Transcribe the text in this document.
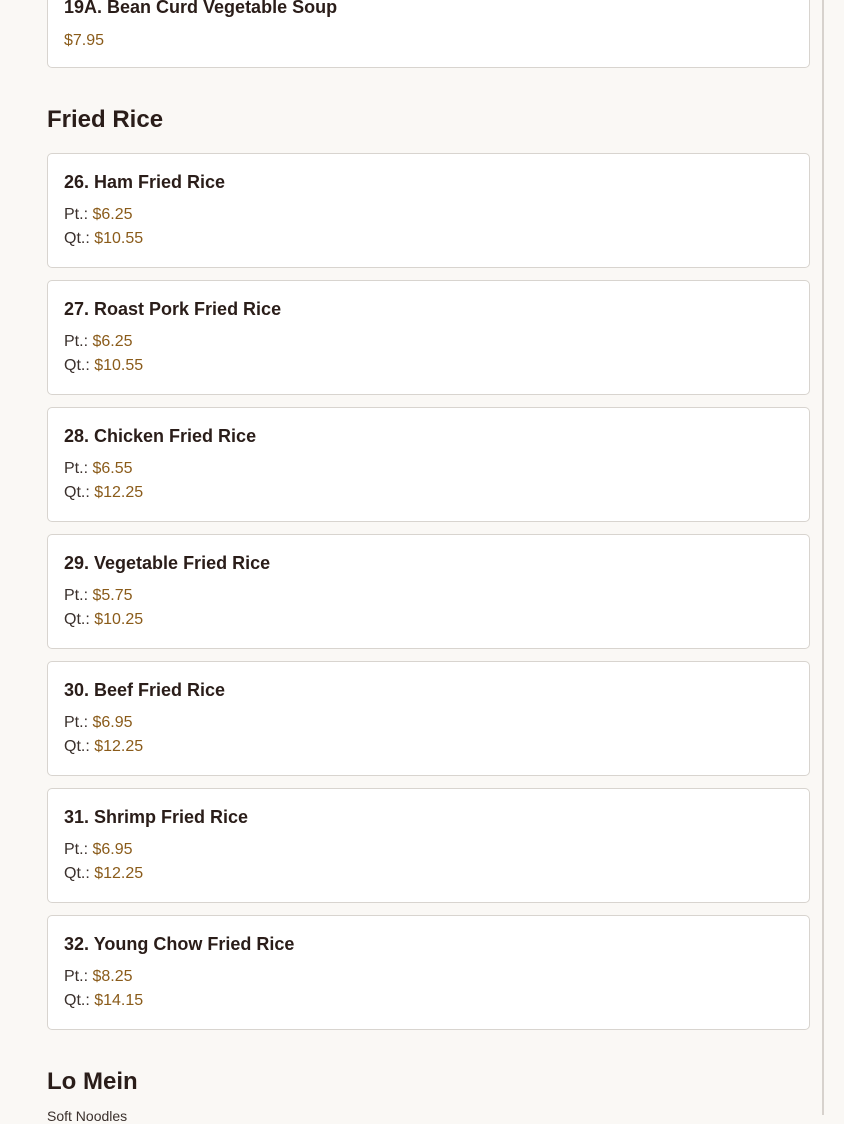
19A. Bean Curd Vegetable Soup
$7.95
Fried Rice
26. Ham Fried Rice
Pt.: $6.25
Qt.: $10.55
27. Roast Pork Fried Rice
Pt.: $6.25
Qt.: $10.55
28. Chicken Fried Rice
Pt.: $6.55
Qt.: $12.25
29. Vegetable Fried Rice
Pt.: $5.75
Qt.: $10.25
30. Beef Fried Rice
Pt.: $6.95
Qt.: $12.25
31. Shrimp Fried Rice
Pt.: $6.95
Qt.: $12.25
32. Young Chow Fried Rice
Pt.: $8.25
Qt.: $14.15
Lo Mein
Soft Noodles
